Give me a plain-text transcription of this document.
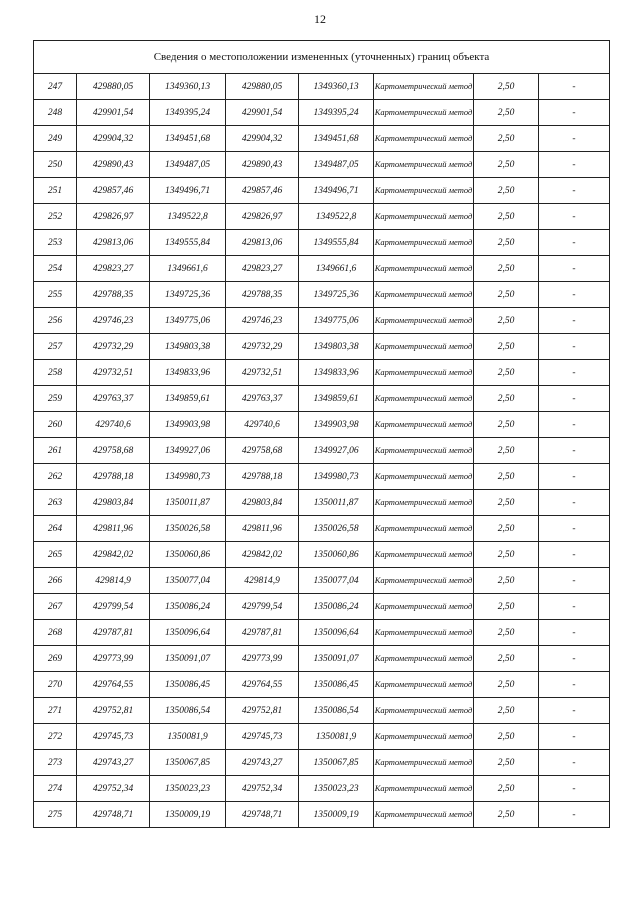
12
Сведения о местоположении измененных (уточненных) границ объекта							
247	429880,05	1349360,13	429880,05	1349360,13	Картометрический метод	2,50	-
248	429901,54	1349395,24	429901,54	1349395,24	Картометрический метод	2,50	-
249	429904,32	1349451,68	429904,32	1349451,68	Картометрический метод	2,50	-
250	429890,43	1349487,05	429890,43	1349487,05	Картометрический метод	2,50	-
251	429857,46	1349496,71	429857,46	1349496,71	Картометрический метод	2,50	-
252	429826,97	1349522,8	429826,97	1349522,8	Картометрический метод	2,50	-
253	429813,06	1349555,84	429813,06	1349555,84	Картометрический метод	2,50	-
254	429823,27	1349661,6	429823,27	1349661,6	Картометрический метод	2,50	-
255	429788,35	1349725,36	429788,35	1349725,36	Картометрический метод	2,50	-
256	429746,23	1349775,06	429746,23	1349775,06	Картометрический метод	2,50	-
257	429732,29	1349803,38	429732,29	1349803,38	Картометрический метод	2,50	-
258	429732,51	1349833,96	429732,51	1349833,96	Картометрический метод	2,50	-
259	429763,37	1349859,61	429763,37	1349859,61	Картометрический метод	2,50	-
260	429740,6	1349903,98	429740,6	1349903,98	Картометрический метод	2,50	-
261	429758,68	1349927,06	429758,68	1349927,06	Картометрический метод	2,50	-
262	429788,18	1349980,73	429788,18	1349980,73	Картометрический метод	2,50	-
263	429803,84	1350011,87	429803,84	1350011,87	Картометрический метод	2,50	-
264	429811,96	1350026,58	429811,96	1350026,58	Картометрический метод	2,50	-
265	429842,02	1350060,86	429842,02	1350060,86	Картометрический метод	2,50	-
266	429814,9	1350077,04	429814,9	1350077,04	Картометрический метод	2,50	-
267	429799,54	1350086,24	429799,54	1350086,24	Картометрический метод	2,50	-
268	429787,81	1350096,64	429787,81	1350096,64	Картометрический метод	2,50	-
269	429773,99	1350091,07	429773,99	1350091,07	Картометрический метод	2,50	-
270	429764,55	1350086,45	429764,55	1350086,45	Картометрический метод	2,50	-
271	429752,81	1350086,54	429752,81	1350086,54	Картометрический метод	2,50	-
272	429745,73	1350081,9	429745,73	1350081,9	Картометрический метод	2,50	-
273	429743,27	1350067,85	429743,27	1350067,85	Картометрический метод	2,50	-
274	429752,34	1350023,23	429752,34	1350023,23	Картометрический метод	2,50	-
275	429748,71	1350009,19	429748,71	1350009,19	Картометрический метод	2,50	-
